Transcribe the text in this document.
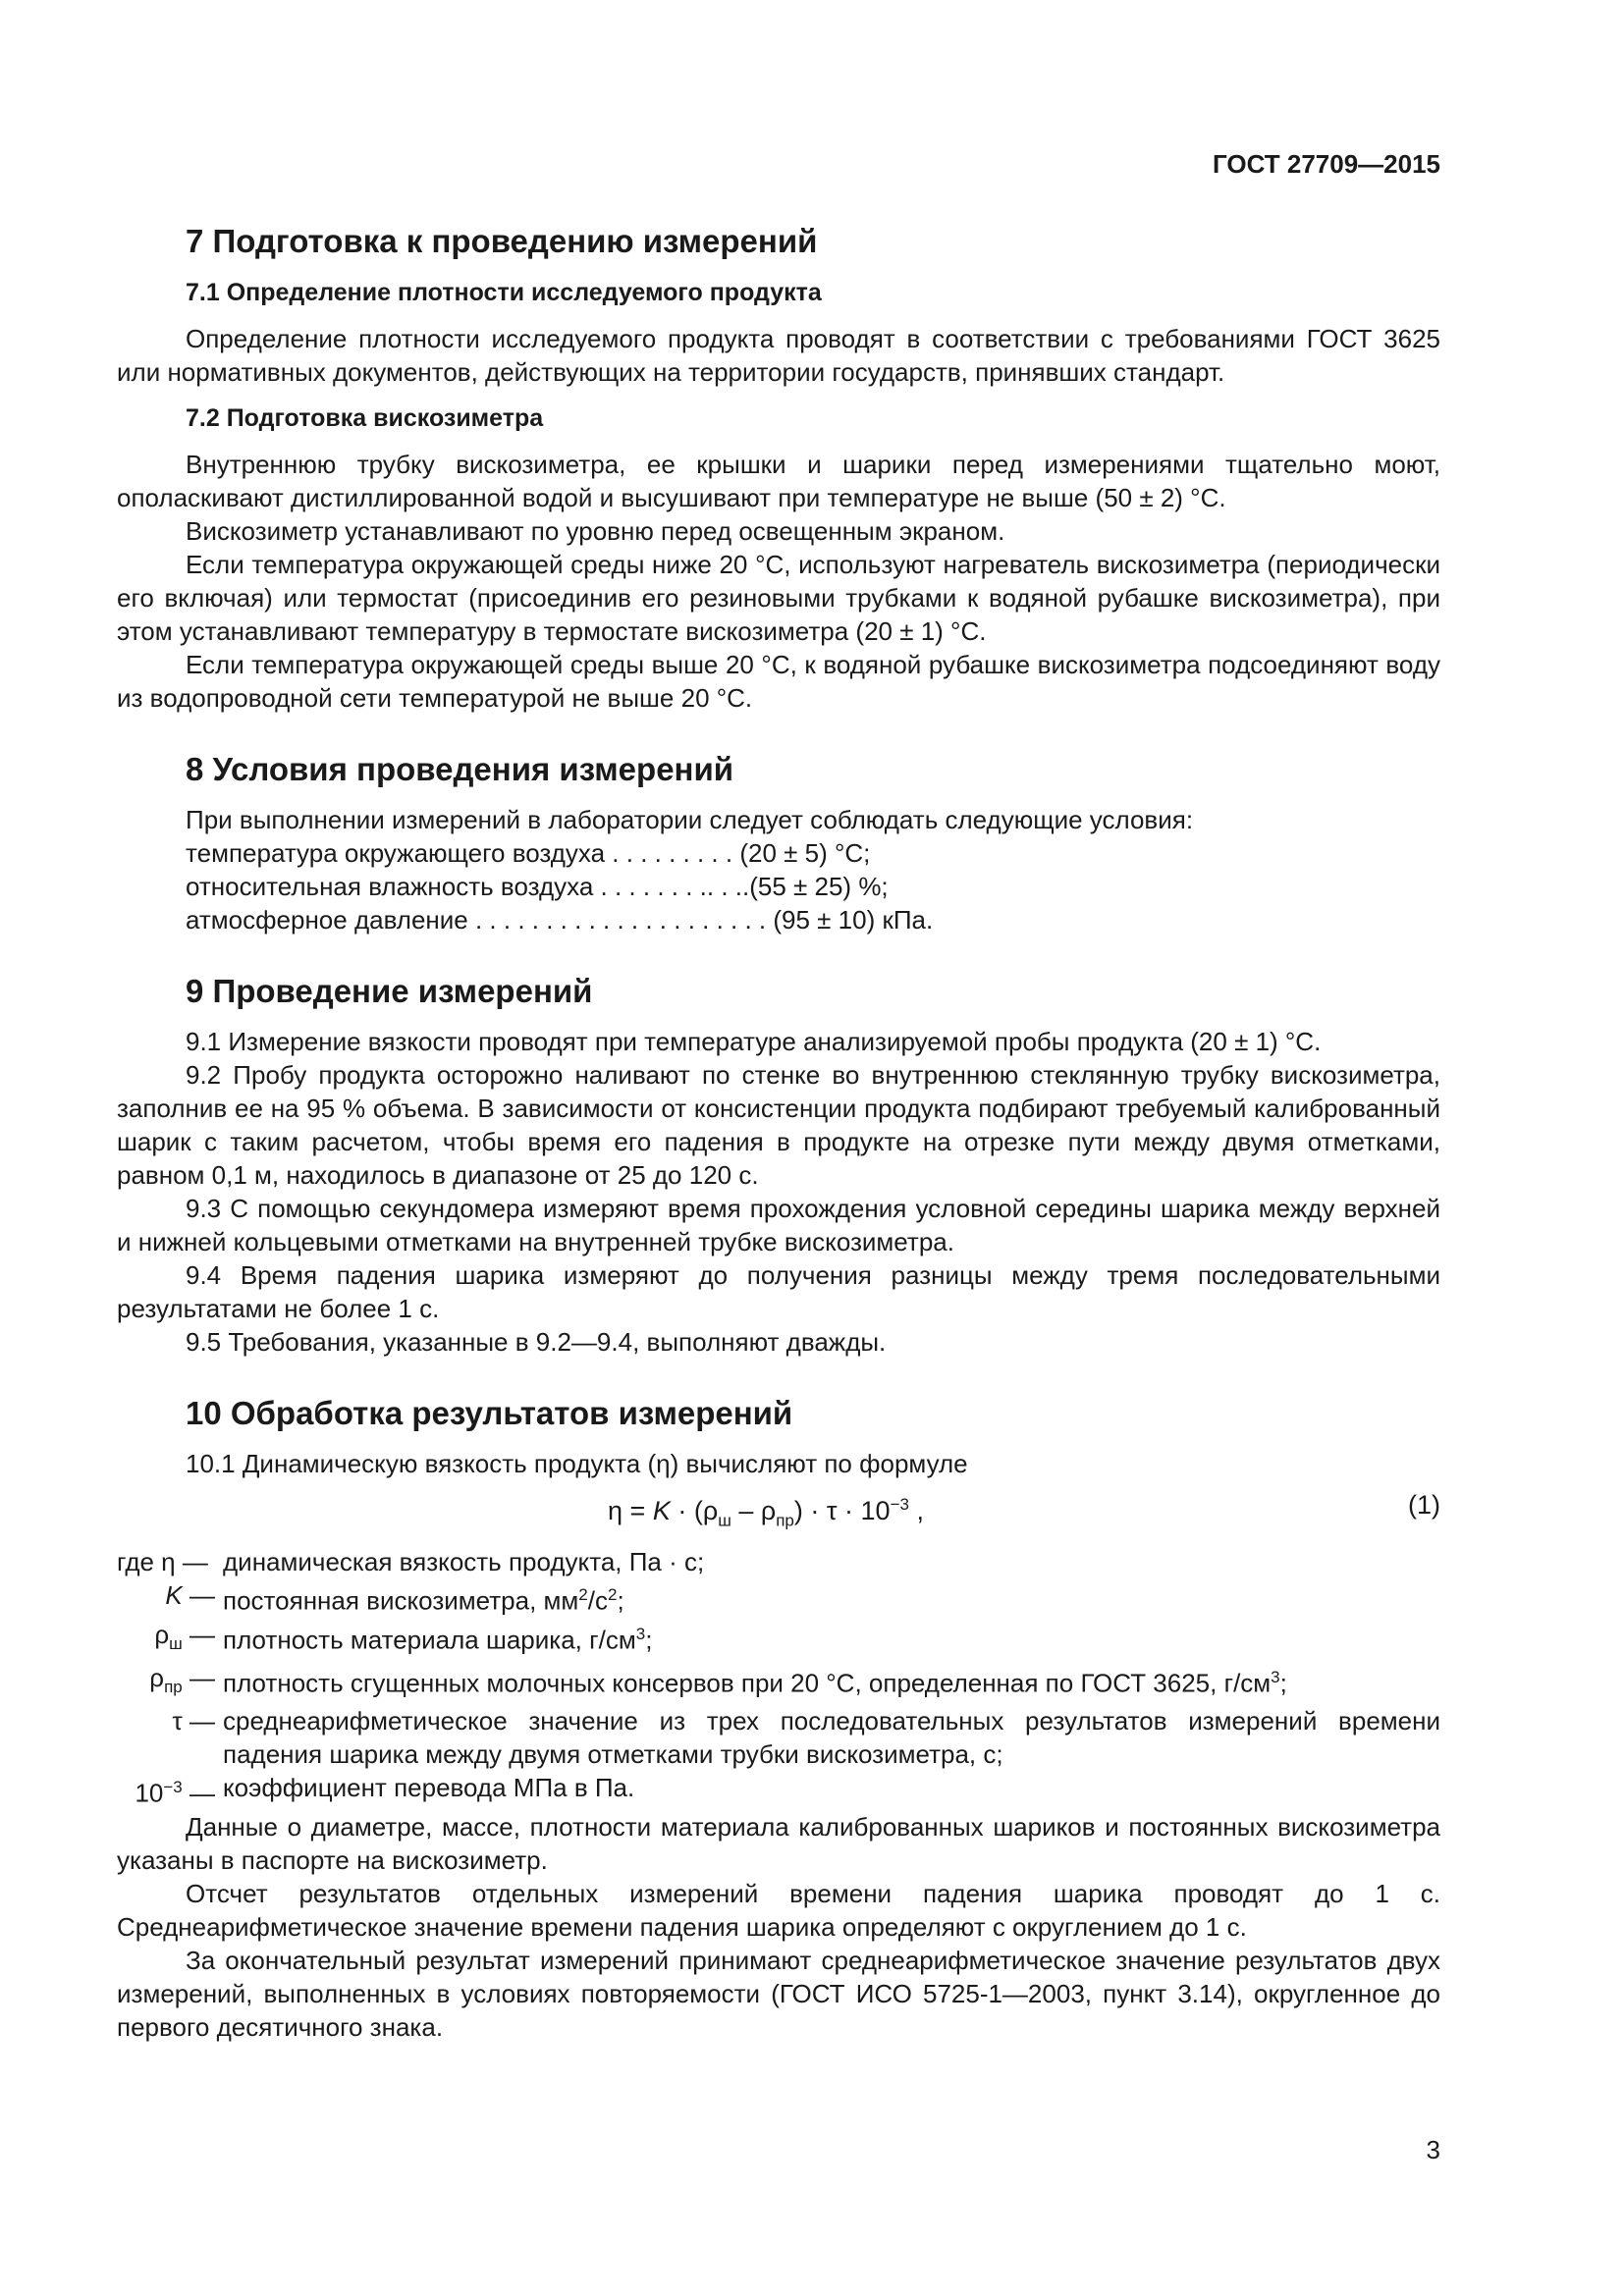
ГОСТ 27709—2015
7 Подготовка к проведению измерений
7.1 Определение плотности исследуемого продукта

Определение плотности исследуемого продукта проводят в соответствии с требованиями ГОСТ 3625 или нормативных документов, действующих на территории государств, принявших стандарт.

7.2 Подготовка вискозиметра

Внутреннюю трубку вискозиметра, ее крышки и шарики перед измерениями тщательно моют, ополаскивают дистиллированной водой и высушивают при температуре не выше (50 ± 2) °С.

Вискозиметр устанавливают по уровню перед освещенным экраном.

Если температура окружающей среды ниже 20 °С, используют нагреватель вискозиметра (периодически его включая) или термостат (присоединив его резиновыми трубками к водяной рубашке вискозиметра), при этом устанавливают температуру в термостате вискозиметра (20 ± 1) °С.

Если температура окружающей среды выше 20 °С, к водяной рубашке вискозиметра подсоединяют воду из водопроводной сети температурой не выше 20 °С.

8 Условия проведения измерений

При выполнении измерений в лаборатории следует соблюдать следующие условия:

температура окружающего воздуха . . . . . . . . . (20 ± 5) °С;

относительная влажность воздуха . . . . . . . .. . ..(55 ± 25) %;

атмосферное давление . . . . . . . . . . . . . . . . . . . . . (95 ± 10) кПа.

9 Проведение измерений

9.1 Измерение вязкости проводят при температуре анализируемой пробы продукта (20 ± 1) °С.

9.2 Пробу продукта осторожно наливают по стенке во внутреннюю стеклянную трубку вискозиметра, заполнив ее на 95 % объема. В зависимости от консистенции продукта подбирают требуемый калиброванный шарик с таким расчетом, чтобы время его падения в продукте на отрезке пути между двумя отметками, равном 0,1 м, находилось в диапазоне от 25 до 120 с.

9.3 С помощью секундомера измеряют время прохождения условной середины шарика между верхней и нижней кольцевыми отметками на внутренней трубке вискозиметра.

9.4 Время падения шарика измеряют до получения разницы между тремя последовательными результатами не более 1 с.

9.5 Требования, указанные в 9.2—9.4, выполняют дважды.

10 Обработка результатов измерений

10.1 Динамическую вязкость продукта (η) вычисляют по формуле

$\eta = K \cdot (\rho_ш - \rho_{пр}) \cdot \tau \cdot 10^{-3}$ ,	(1)
где η — динамическая вязкость продукта, Па · с;
K — постоянная вискозиметра, $мм^2/с^2$;
$\rho_ш$ — плотность материала шарика, $г/см^3$;
$\rho_{пр}$ — плотность сгущенных молочных консервов при 20 °С, определенная по ГОСТ 3625, $г/см^3$;
τ — среднеарифметическое значение из трех последовательных результатов измерений времени падения шарика между двумя отметками трубки вискозиметра, с;
$10^{-3}$ — коэффициент перевода МПа в Па.

Данные о диаметре, массе, плотности материала калиброванных шариков и постоянных вискозиметра указаны в паспорте на вискозиметр.

Отсчет результатов отдельных измерений времени падения шарика проводят до 1 с. Среднеарифметическое значение времени падения шарика определяют с округлением до 1 с.

За окончательный результат измерений принимают среднеарифметическое значение результатов двух измерений, выполненных в условиях повторяемости (ГОСТ ИСО 5725-1—2003, пункт 3.14), округленное до первого десятичного знака.

3
